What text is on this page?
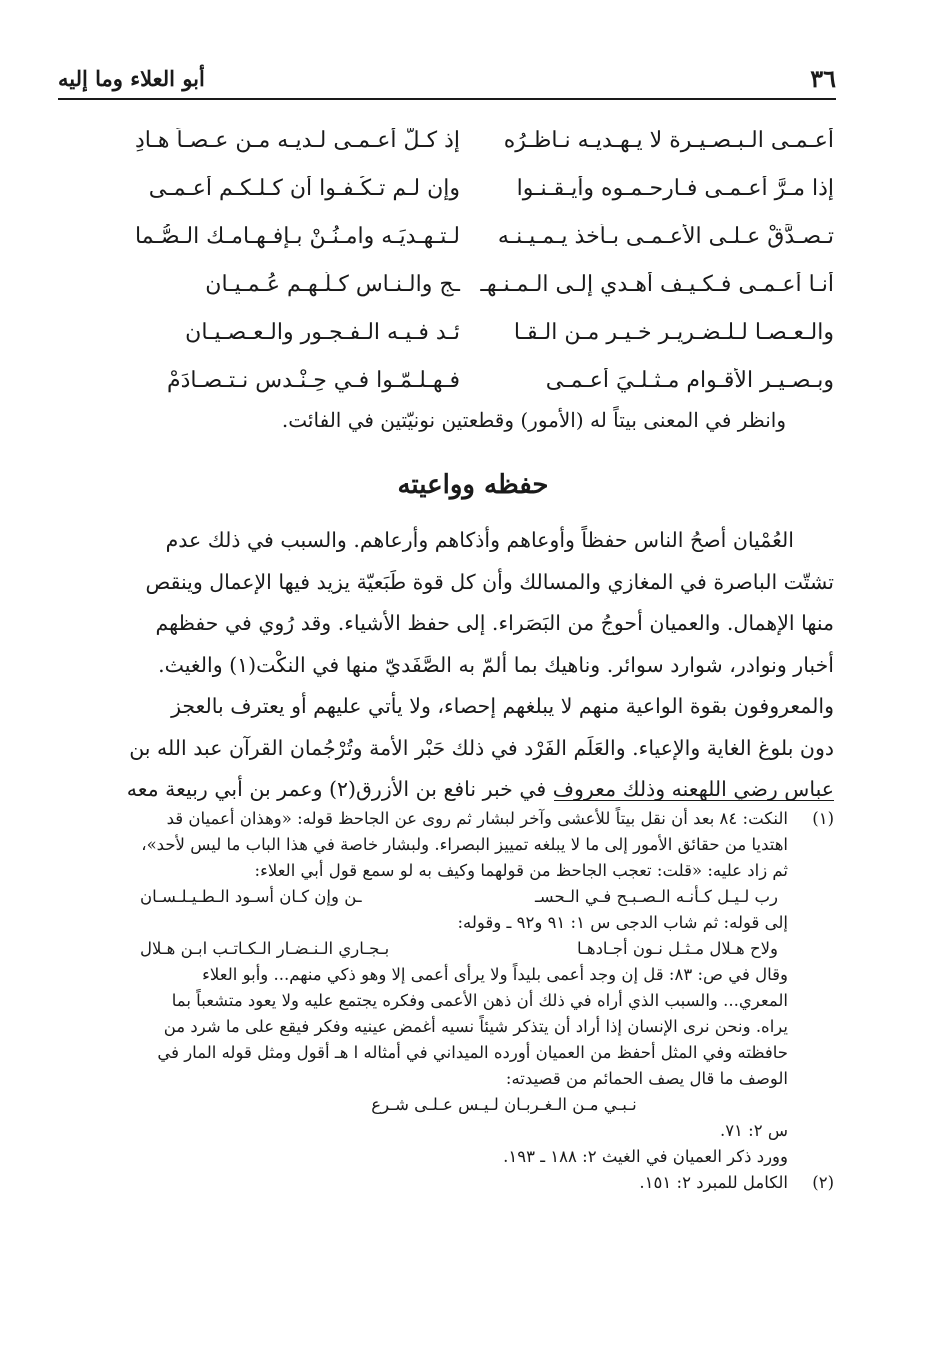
٣٦
أبو العلاء وما إليه
أعـمـى الـبـصـيـرة لا يـهـديـه نـاظـرُه
إذ كـلّ أعـمـى لـديـه مـن عـصـاً هـادِ
إذا مـرَّ أعـمـى فـارحـمـوه وأيـقـنـوا
وإن لـم تـكُـفـوا أن كـلـكـم أعـمـى
تـصـدَّقْ عـلـى الأعـمـى بـأخذ يـمـيـنـه
لـتـهـديَـه وامـنُـنْ بـإفـهـامـك الـصُّـما
أنـا أعـمـى فـكـيـف أهـدي إلـى الـمـنـهـ
ـج والـنـاس كـلّـهـم عُـمـيـان
والـعـصـا لـلـضـريـر خـيـر مـن الـقـا
ئـد فـيـه الـفـجـور والـعـصـيـان
وبـصـيـر الأقـوام مـثـلـيَ أعـمـى
فـهـلـمّـوا فـي حِـنْـدس نـتـصـادَمْ
وانظر في المعنى بيتاً له (الأمور) وقطعتين نونيّتين في الفائت.
حفظه وواعيته
العُمْيان أصحُ الناس حفظاً وأوعاهم وأذكاهم وأرعاهم. والسبب في ذلك عدم
تشتّت الباصرة في المغازي والمسالك وأن كل قوة طَبَعيّة يزيد فيها الإعمال وينقص
منها الإهمال. والعميان أحوجُ من البَصَراء. إلى حفظ الأشياء. وقد رُوي في حفظهم
أخبار ونوادر، شوارد سوائر. وناهيك بما ألمّ به الصَّفَديّ منها في النكْت(١) والغيث.
والمعروفون بقوة الواعية منهم لا يبلغهم إحصاء، ولا يأتي عليهم أو يعترف بالعجز
دون بلوغ الغاية والإعياء. والعَلَم الفَرْد في ذلك حَبْر الأمة وتُرْجُمان القرآن عبد الله بن
عباس رضي اللهعنه وذلك معروف في خبر نافع بن الأزرق(٢) وعمر بن أبي ربيعة معه
(١)
النكت: ٨٤ بعد أن نقل بيتاً للأعشى وآخر لبشار ثم روى عن الجاحظ قوله: «وهذان أعميان قد
اهتديا من حقائق الأمور إلى ما لا يبلغه تمييز البصراء. ولبشار خاصة في هذا الباب ما ليس لأحد»،
ثم زاد عليه: «قلت: تعجب الجاحظ من قولهما وكيف به لو سمع قول أبي العلاء:
رب لـيـل كـأنـه الـصـبـح فـي الـحسـ
ـن وإن كـان أسـود الـطـيـلـسـان
إلى قوله: ثم شاب الدجى س ١: ٩١ و٩٢ ـ وقوله:
ولاح هـلال مـثـل نـون أجـادهـا
بـجـاري الـنـضـار الـكـاتـب ابـن هـلال
وقال في ص: ٨٣: قل إن وجد أعمى بليداً ولا يرأى أعمى إلا وهو ذكي منهم... وأبو العلاء
المعري... والسبب الذي أراه في ذلك أن ذهن الأعمى وفكره يجتمع عليه ولا يعود متشعباً بما
يراه. ونحن نرى الإنسان إذا أراد أن يتذكر شيئاً نسيه أغمض عينيه وفكر فيقع على ما شرد من
حافظته وفي المثل أحفظ من العميان أورده الميداني في أمثاله ا هـ أقول ومثل قوله المار في
الوصف ما قال يصف الحمائم من قصيدته:
نـبـي مـن الـغـربـان لـيـس عـلـى شـرع
س ٢: ٧١.
وورد ذكر العميان في الغيث ٢: ١٨٨ ـ ١٩٣.
(٢)
الكامل للمبرد ٢: ١٥١.
